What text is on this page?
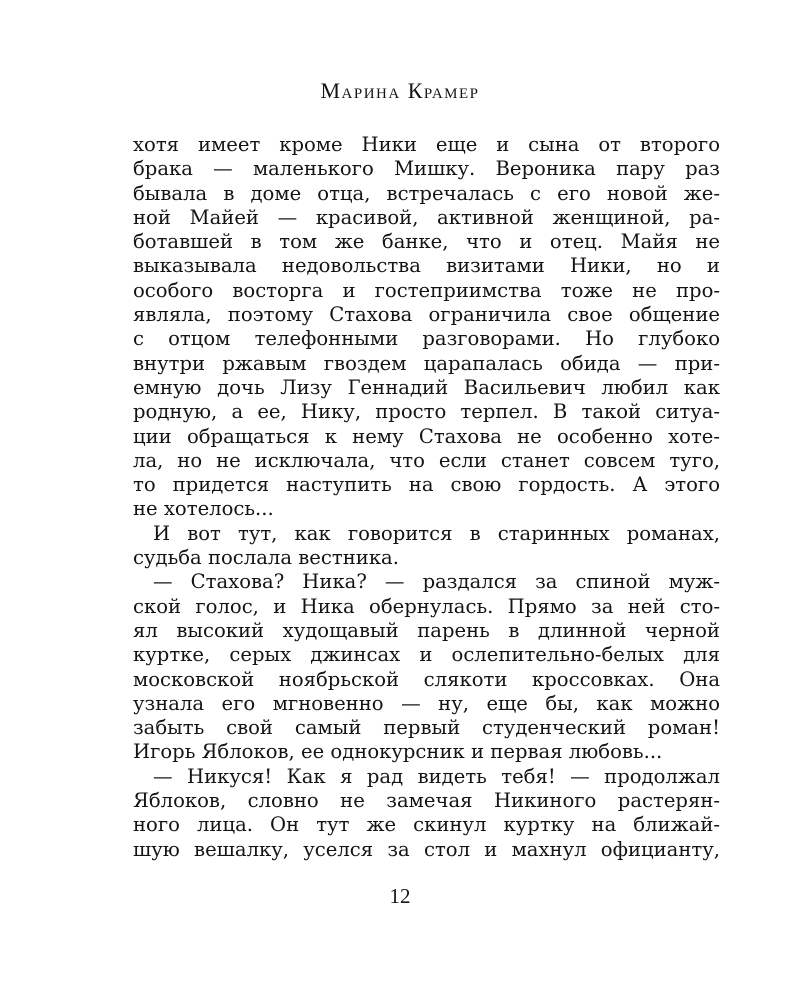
Марина Крамер
хотя имеет кроме Ники еще и сына от второго
брака — маленького Мишку. Вероника пару раз
бывала в доме отца, встречалась с его новой же-
ной Майей — красивой, активной женщиной, ра-
ботавшей в том же банке, что и отец. Майя не
выказывала недовольства визитами Ники, но и
особого восторга и гостеприимства тоже не про-
являла, поэтому Стахова ограничила свое общение
с отцом телефонными разговорами. Но глубоко
внутри ржавым гвоздем царапалась обида — при-
емную дочь Лизу Геннадий Васильевич любил как
родную, а ее, Нику, просто терпел. В такой ситуа-
ции обращаться к нему Стахова не особенно хоте-
ла, но не исключала, что если станет совсем туго,
то придется наступить на свою гордость. А этого
не хотелось...
И вот тут, как говорится в старинных романах,
судьба послала вестника.
— Стахова? Ника? — раздался за спиной муж-
ской голос, и Ника обернулась. Прямо за ней сто-
ял высокий худощавый парень в длинной черной
куртке, серых джинсах и ослепительно-белых для
московской ноябрьской слякоти кроссовках. Она
узнала его мгновенно — ну, еще бы, как можно
забыть свой самый первый студенческий роман!
Игорь Яблоков, ее однокурсник и первая любовь...
— Никуся! Как я рад видеть тебя! — продолжал
Яблоков, словно не замечая Никиного растерян-
ного лица. Он тут же скинул куртку на ближай-
шую вешалку, уселся за стол и махнул официанту,
12
